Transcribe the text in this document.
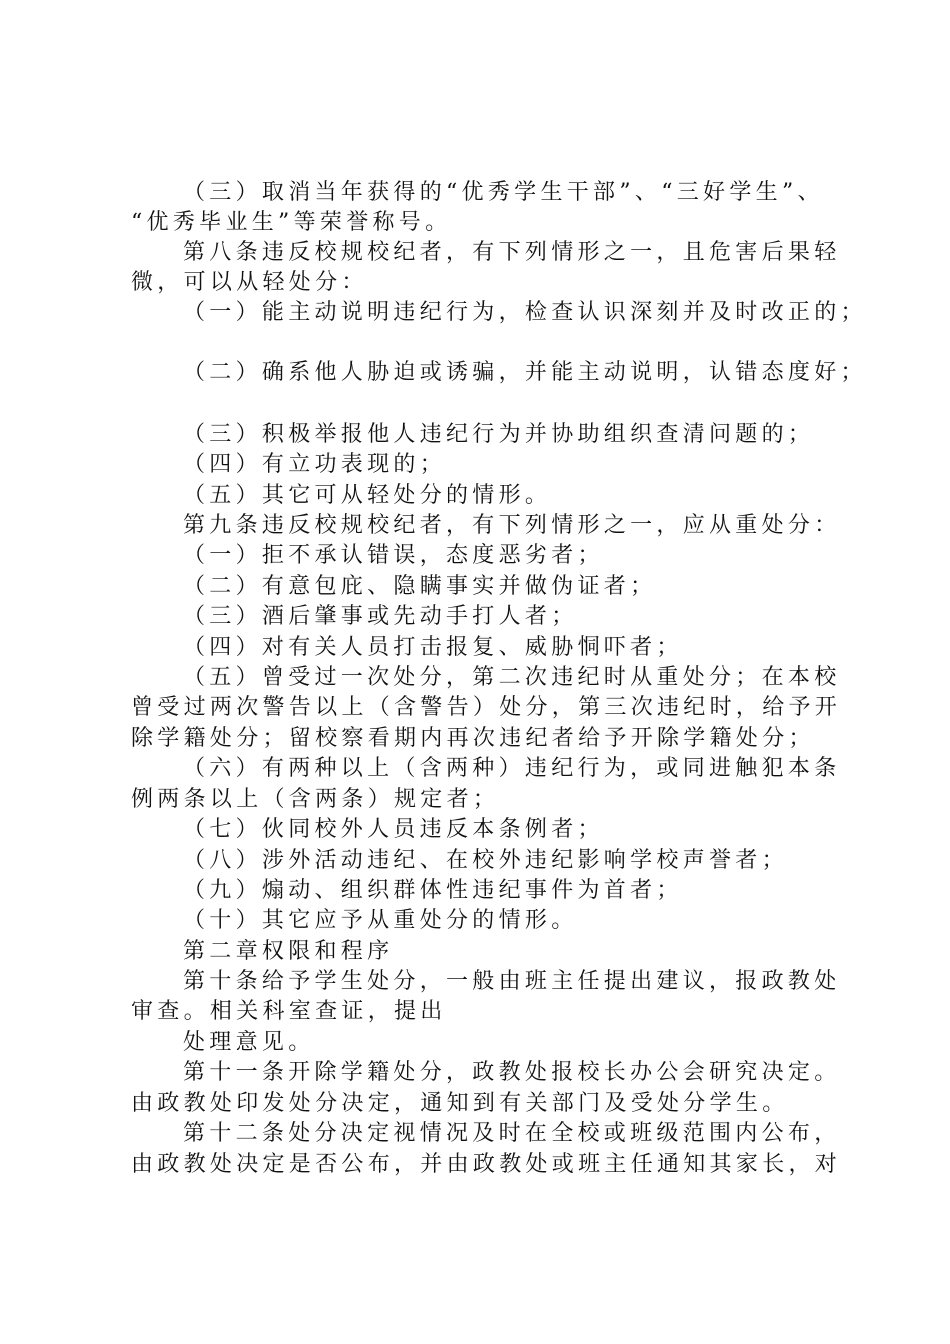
（三）取消当年获得的“优秀学生干部”、“三好学生”、
“优秀毕业生”等荣誉称号。
第八条违反校规校纪者，有下列情形之一，且危害后果轻
微，可以从轻处分：
（一）能主动说明违纪行为，检查认识深刻并及时改正的；
（二）确系他人胁迫或诱骗，并能主动说明，认错态度好；
（三）积极举报他人违纪行为并协助组织查清问题的；
（四）有立功表现的；
（五）其它可从轻处分的情形。
第九条违反校规校纪者，有下列情形之一，应从重处分：
（一）拒不承认错误，态度恶劣者；
（二）有意包庇、隐瞒事实并做伪证者；
（三）酒后肇事或先动手打人者；
（四）对有关人员打击报复、威胁恫吓者；
（五）曾受过一次处分，第二次违纪时从重处分；在本校
曾受过两次警告以上（含警告）处分，第三次违纪时，给予开
除学籍处分；留校察看期内再次违纪者给予开除学籍处分；
（六）有两种以上（含两种）违纪行为，或同进触犯本条
例两条以上（含两条）规定者；
（七）伙同校外人员违反本条例者；
（八）涉外活动违纪、在校外违纪影响学校声誉者；
（九）煽动、组织群体性违纪事件为首者；
（十）其它应予从重处分的情形。
第二章权限和程序
第十条给予学生处分，一般由班主任提出建议，报政教处
审查。相关科室查证，提出
处理意见。
第十一条开除学籍处分，政教处报校长办公会研究决定。
由政教处印发处分决定，通知到有关部门及受处分学生。
第十二条处分决定视情况及时在全校或班级范围内公布，
由政教处决定是否公布，并由政教处或班主任通知其家长，对
